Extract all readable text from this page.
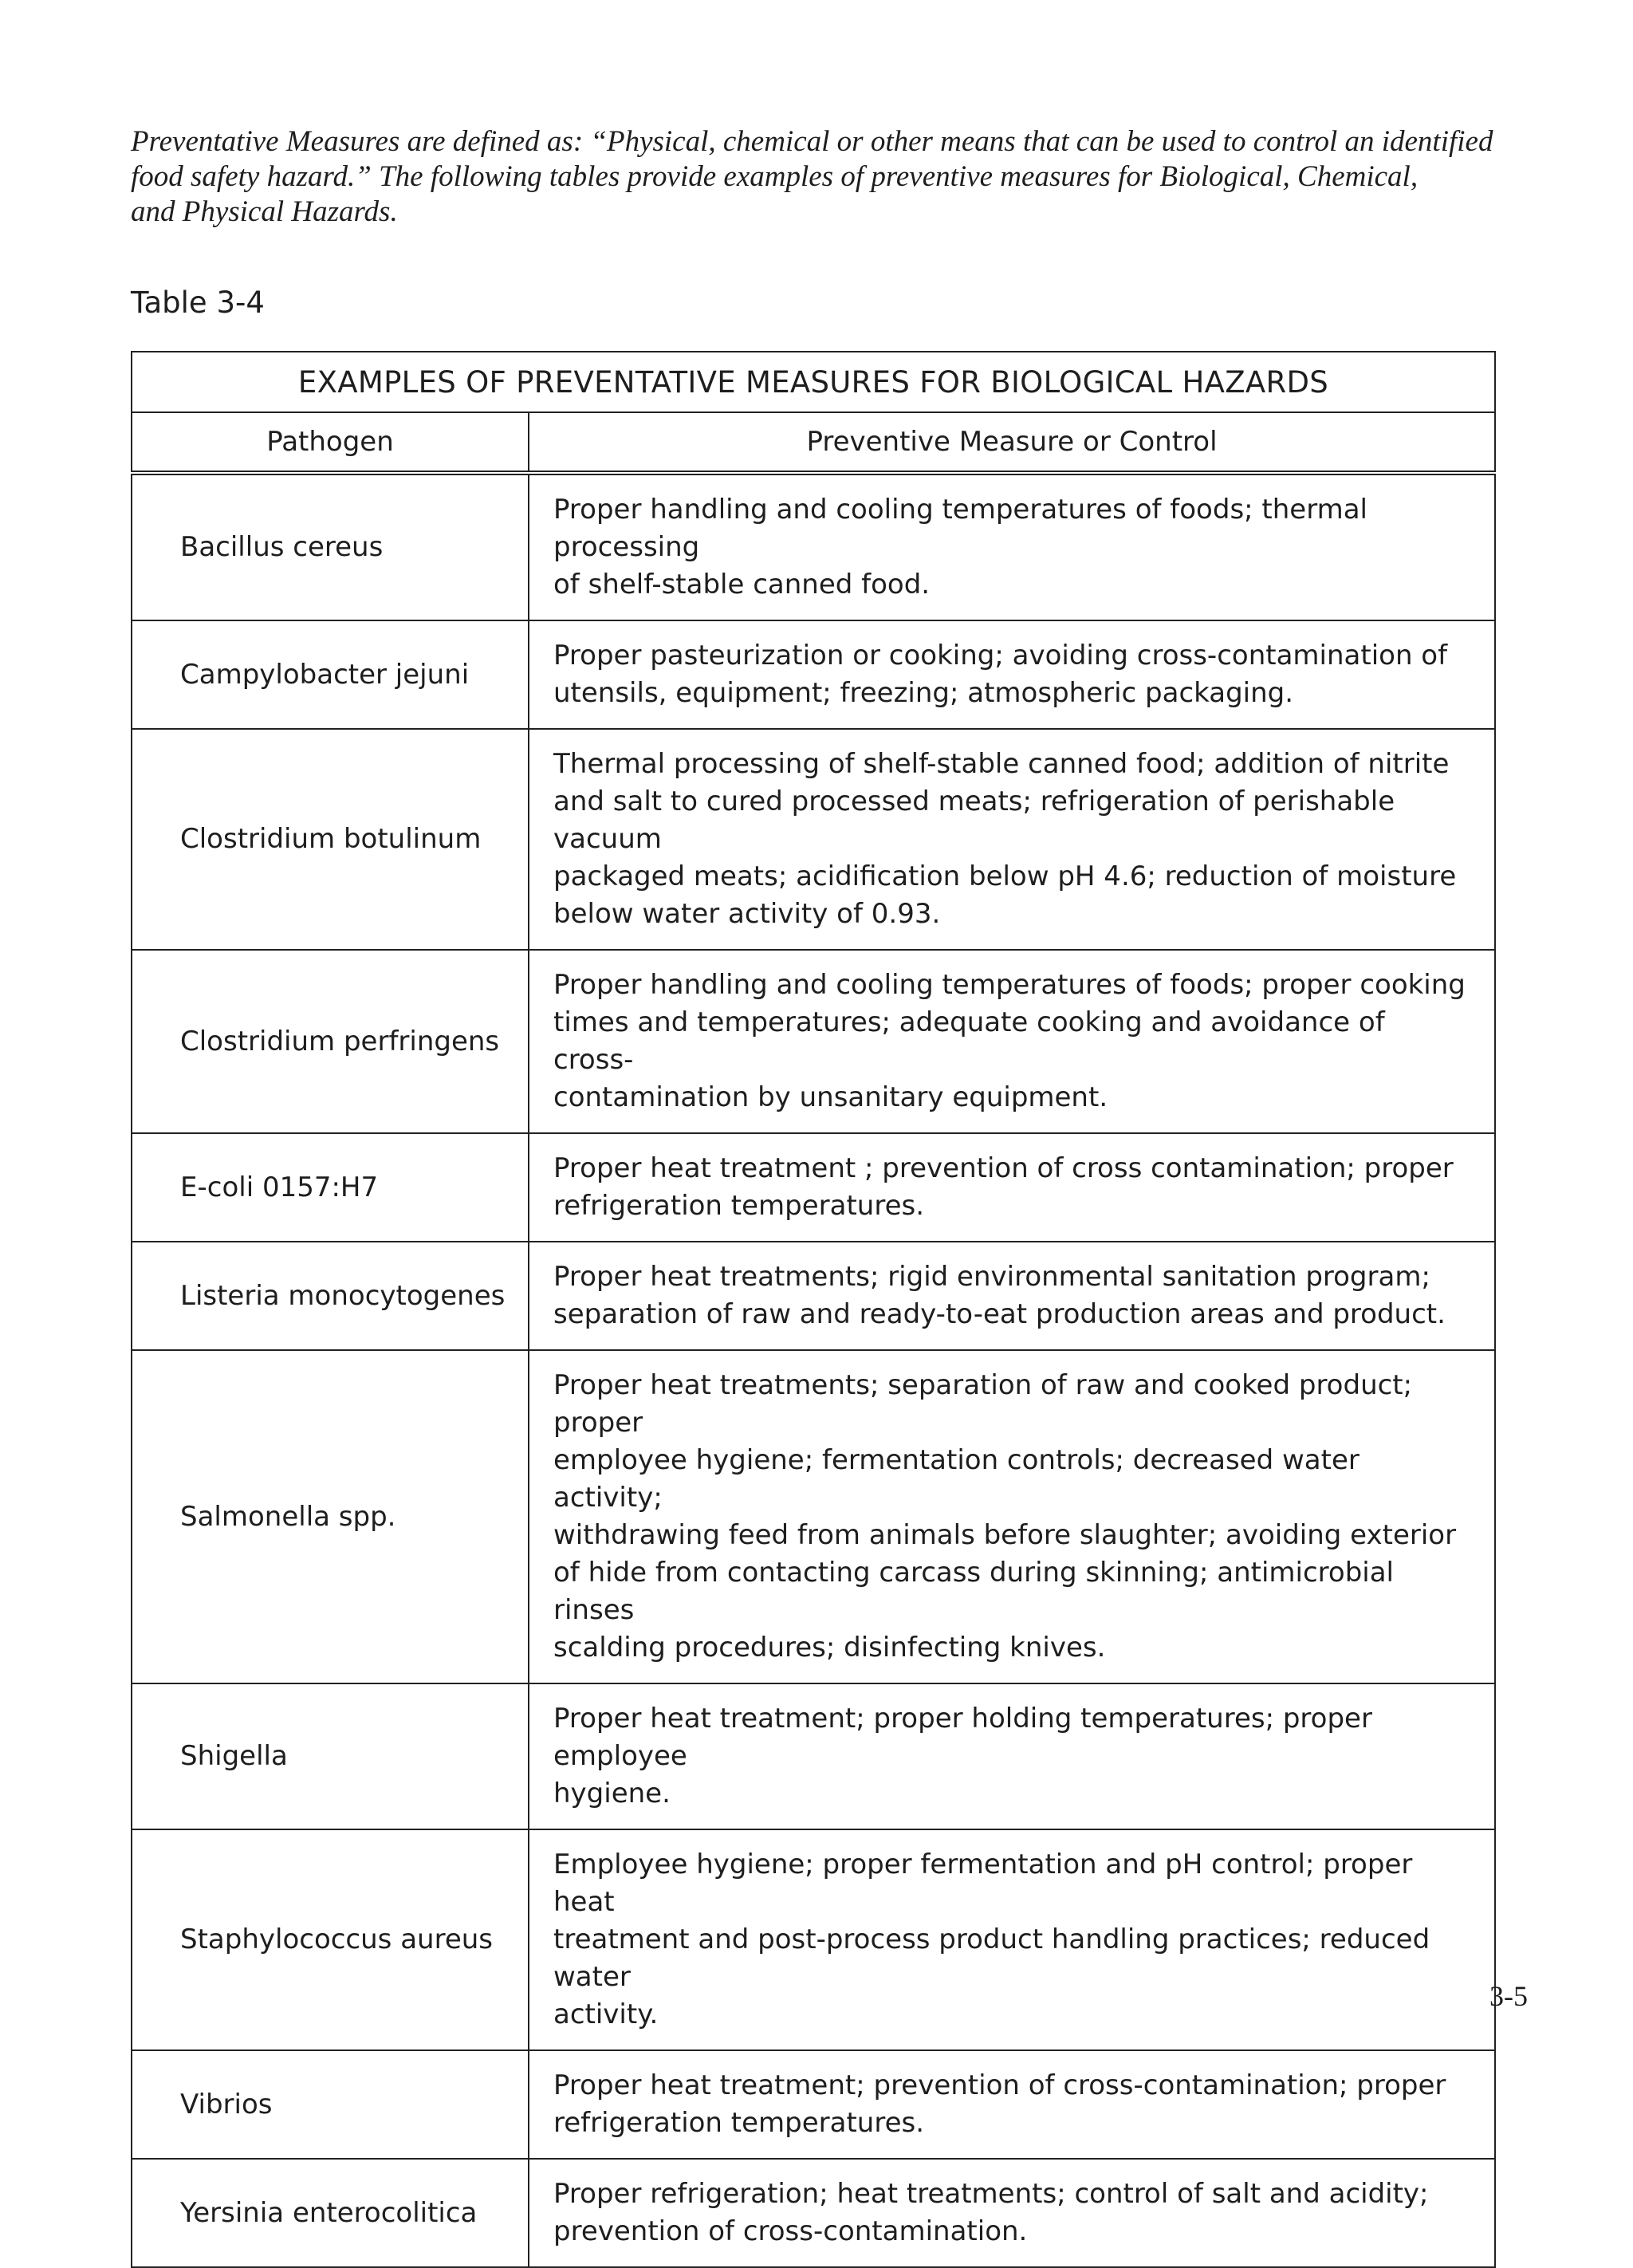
Preventative Measures are defined as: “Physical, chemical or other means that can be used to control an identified
food safety hazard.” The following tables provide examples of preventive measures for Biological, Chemical,
and Physical Hazards.

Table 3-4

EXAMPLES OF PREVENTATIVE MEASURES FOR BIOLOGICAL HAZARDS	
Pathogen	Preventive Measure or Control
Bacillus cereus	Proper handling and cooling temperatures of foods; thermal processing
of shelf-stable canned food.

Campylobacter jejuni	Proper pasteurization or cooking; avoiding cross-contamination of
utensils, equipment; freezing; atmospheric packaging.

Clostridium botulinum	Thermal processing of shelf-stable canned food; addition of nitrite
and salt to cured processed meats; refrigeration of perishable vacuum
packaged meats; acidification below pH 4.6; reduction of moisture
below water activity of 0.93.

Clostridium perfringens	Proper handling and cooling temperatures of foods; proper cooking
times and temperatures; adequate cooking and avoidance of cross-
contamination by unsanitary equipment.

E-coli 0157:H7	Proper heat treatment ; prevention of cross contamination; proper
refrigeration temperatures.

Listeria monocytogenes	Proper heat treatments; rigid environmental sanitation program;
separation of raw and ready-to-eat production areas and product.

Salmonella spp.	Proper heat treatments; separation of raw and cooked product; proper
employee hygiene; fermentation controls; decreased water activity;
withdrawing feed from animals before slaughter; avoiding exterior
of hide from contacting carcass during skinning; antimicrobial rinses
scalding procedures; disinfecting knives.

Shigella	Proper heat treatment; proper holding temperatures; proper employee
hygiene.

Staphylococcus aureus	Employee hygiene; proper fermentation and pH control; proper heat
treatment and post-process product handling practices; reduced water
activity.

Vibrios	Proper heat treatment; prevention of cross-contamination; proper
refrigeration temperatures.

Yersinia enterocolitica	Proper refrigeration; heat treatments; control of salt and acidity;
prevention of cross-contamination.

3-5
